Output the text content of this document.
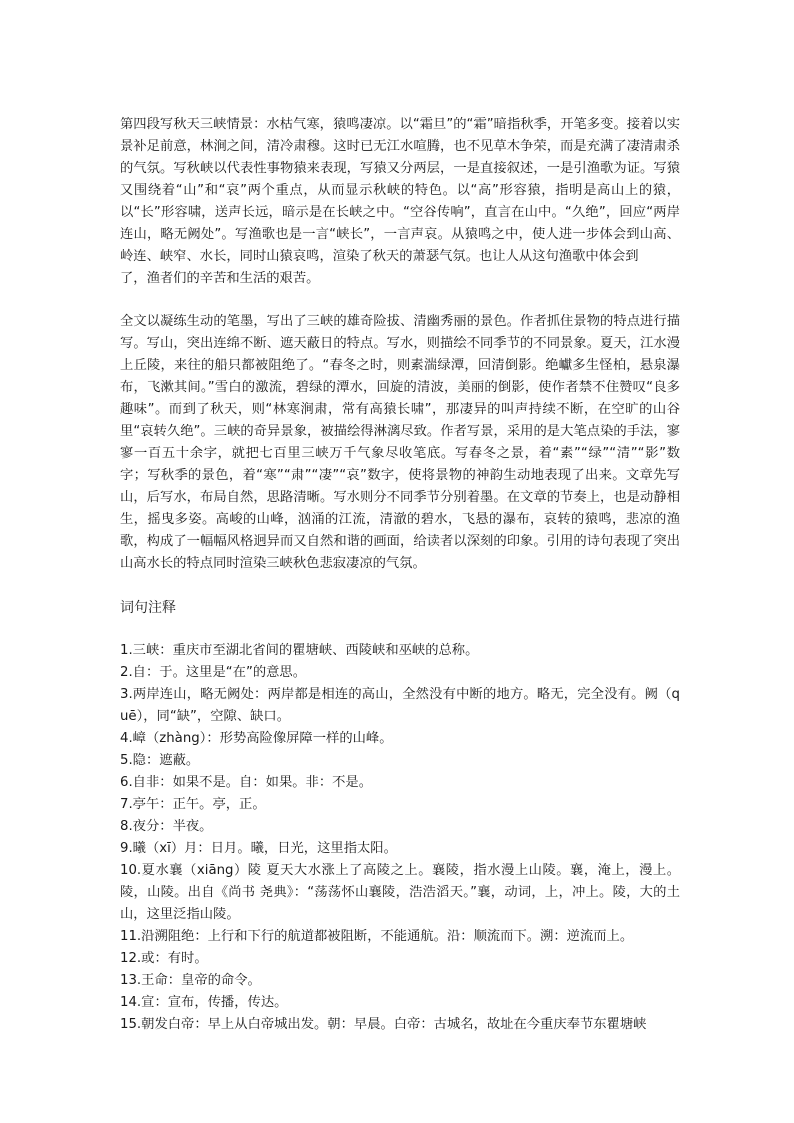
第四段写秋天三峡情景：水枯气寒，猿鸣凄凉。以“霜旦”的“霜”暗指秋季，开笔多变。接着以实景补足前意，林涧之间，清冷肃穆。这时已无江水喧腾，也不见草木争荣，而是充满了凄清肃杀的气氛。写秋峡以代表性事物猿来表现，写猿又分两层，一是直接叙述，一是引渔歌为证。写猿又围绕着“山”和“哀”两个重点，从而显示秋峡的特色。以“高”形容猿，指明是高山上的猿，以“长”形容啸，送声长远，暗示是在长峡之中。“空谷传响”，直言在山中。“久绝”，回应“两岸连山，略无阙处”。写渔歌也是一言“峡长”，一言声哀。从猿鸣之中，使人进一步体会到山高、岭连、峡窄、水长，同时山猿哀鸣，渲染了秋天的萧瑟气氛。也让人从这句渔歌中体会到
了，渔者们的辛苦和生活的艰苦。

全文以凝练生动的笔墨，写出了三峡的雄奇险拔、清幽秀丽的景色。作者抓住景物的特点进行描写。写山，突出连绵不断、遮天蔽日的特点。写水，则描绘不同季节的不同景象。夏天，江水漫上丘陵，来往的船只都被阻绝了。“春冬之时，则素湍绿潭，回清倒影。绝巘多生怪柏，悬泉瀑布，飞漱其间。”雪白的激流，碧绿的潭水，回旋的清波，美丽的倒影，使作者禁不住赞叹“良多趣味”。而到了秋天，则“林寒涧肃，常有高猿长啸”，那凄异的叫声持续不断，在空旷的山谷里“哀转久绝”。三峡的奇异景象，被描绘得淋漓尽致。作者写景，采用的是大笔点染的手法，寥寥一百五十余字，就把七百里三峡万千气象尽收笔底。写春冬之景，着“素”“绿”“清”“影”数字；写秋季的景色，着“寒”“肃”“凄”“哀”数字，使将景物的神韵生动地表现了出来。文章先写山，后写水，布局自然，思路清晰。写水则分不同季节分别着墨。在文章的节奏上，也是动静相生，摇曳多姿。高峻的山峰，汹涌的江流，清澈的碧水，飞悬的瀑布，哀转的猿鸣，悲凉的渔歌，构成了一幅幅风格迥异而又自然和谐的画面，给读者以深刻的印象。引用的诗句表现了突出山高水长的特点同时渲染三峡秋色悲寂凄凉的气氛。

词句注释
1.三峡：重庆市至湖北省间的瞿塘峡、西陵峡和巫峡的总称。
2.自：于。这里是“在”的意思。
3.两岸连山，略无阙处：两岸都是相连的高山，全然没有中断的地方。略无，完全没有。阙（quē），同“缺”，空隙、缺口。
4.嶂（zhàng）：形势高险像屏障一样的山峰。
5.隐：遮蔽。
6.自非：如果不是。自：如果。非：不是。
7.亭午：正午。亭，正。
8.夜分：半夜。
9.曦（xī）月：日月。曦，日光，这里指太阳。
10.夏水襄（xiāng）陵 夏天大水涨上了高陵之上。襄陵，指水漫上山陵。襄，淹上，漫上。陵，山陵。出自《尚书 尧典》：“荡荡怀山襄陵，浩浩滔天。”襄，动词，上，冲上。陵，大的土山，这里泛指山陵。
11.沿溯阻绝：上行和下行的航道都被阻断，不能通航。沿：顺流而下。溯：逆流而上。
12.或：有时。
13.王命：皇帝的命令。
14.宣：宣布，传播，传达。
15.朝发白帝：早上从白帝城出发。朝：早晨。白帝：古城名，故址在今重庆奉节东瞿塘峡
